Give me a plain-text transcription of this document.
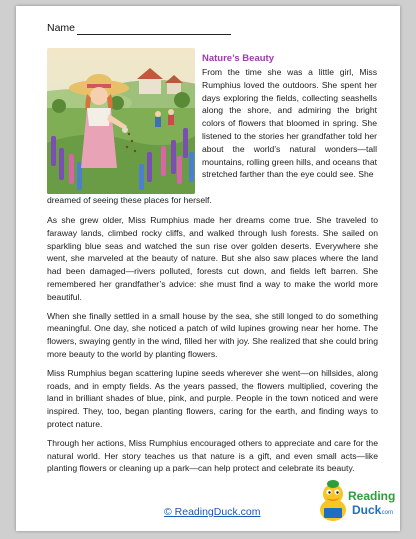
Name
Nature’s Beauty

From the time she was a little girl, Miss Rumphius loved the outdoors. She spent her days exploring the fields, collecting seashells along the shore, and admiring the bright colors of flowers that bloomed in spring. She listened to the stories her grandfather told her about the world’s natural wonders—tall mountains, rolling green hills, and oceans that stretched farther than the eye could see. She

dreamed of seeing these places for herself.

As she grew older, Miss Rumphius made her dreams come true. She traveled to faraway lands, climbed rocky cliffs, and walked through lush forests. She sailed on sparkling blue seas and watched the sun rise over golden deserts. Everywhere she went, she marveled at the beauty of nature. But she also saw places where the land had been damaged—rivers polluted, forests cut down, and fields left barren. She remembered her grandfather’s advice: she must find a way to make the world more beautiful.

When she finally settled in a small house by the sea, she still longed to do something meaningful. One day, she noticed a patch of wild lupines growing near her home. The flowers, swaying gently in the wind, filled her with joy. She realized that she could bring more beauty to the world by planting flowers.

Miss Rumphius began scattering lupine seeds wherever she went—on hillsides, along roads, and in empty fields. As the years passed, the flowers multiplied, covering the land in brilliant shades of blue, pink, and purple. People in the town noticed and were inspired. They, too, began planting flowers, caring for the earth, and finding ways to protect nature.

Through her actions, Miss Rumphius encouraged others to appreciate and care for the natural world. Her story teaches us that nature is a gift, and even small acts—like planting flowers or cleaning up a park—can help protect and celebrate its beauty.

© ReadingDuck.com
Reading
Duck
.com
